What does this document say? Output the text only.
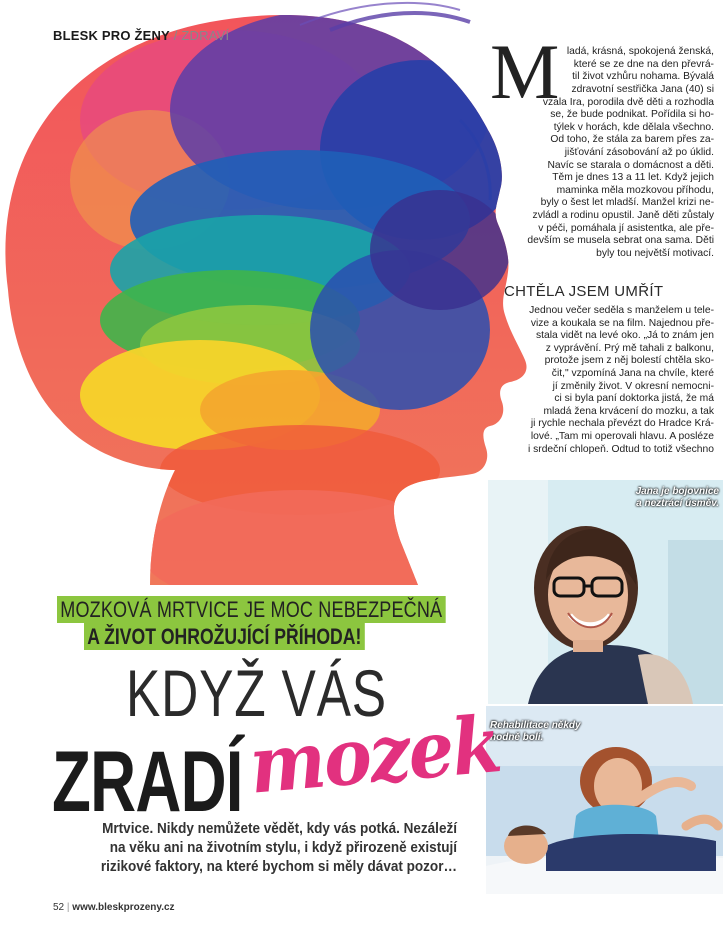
BLESK PRO ŽENY / ZDRAVÍ	M ladá, krásná, spokojená ženská,
které se ze dne na den převrá-
til život vzhůru nohama. Bývalá
zdravotní sestřička Jana (40) si
vzala Ira, porodila dvě děti a rozhodla
se, že bude podnikat. Pořídila si ho-
týlek v horách, kde dělala všechno.
Od toho, že stála za barem přes za-
jišťování zásobování až po úklid.
Navíc se starala o domácnost a děti.
Těm je dnes 13 a 11 let. Když jejich
maminka měla mozkovou příhodu,
byly o šest let mladší. Manžel krizi ne-
zvládl a rodinu opustil. Janě děti zůstaly
v péči, pomáhala jí asistentka, ale pře-
devším se musela sebrat ona sama. Děti
byly tou největší motivací.
CHTĚLA JSEM UMŘÍT
Jednou večer seděla s manželem u tele-
vize a koukala se na film. Najednou pře-
stala vidět na levé oko. „Já to znám jen
z vyprávění. Prý mě tahali z balkonu,
protože jsem z něj bolestí chtěla sko-
čit," vzpomíná Jana na chvíle, které
jí změnily život. V okresní nemocni-
ci si byla paní doktorka jistá, že má
mladá žena krvácení do mozku, a tak
ji rychle nechala převézt do Hradce Krá-
lové. „Tam mi operovali hlavu. A posléze
i srdeční chlopeň. Odtud to totiž všechno
Jana je bojovnice
a neztrácí úsměv.
Rehabilitace někdy
hodně bolí.
MOZKOVÁ MRTVICE JE MOC NEBEZPEČNÁ
A ŽIVOT OHROŽUJÍCÍ PŘÍHODA!
KDYŽ VÁS
ZRADÍ mozek
Mrtvice. Nikdy nemůžete vědět, kdy vás potká. Nezáleží
na věku ani na životním stylu, i když přirozeně existují
rizikové faktory, na které bychom si měly dávat pozor…
52 | www.bleskprozeny.cz
